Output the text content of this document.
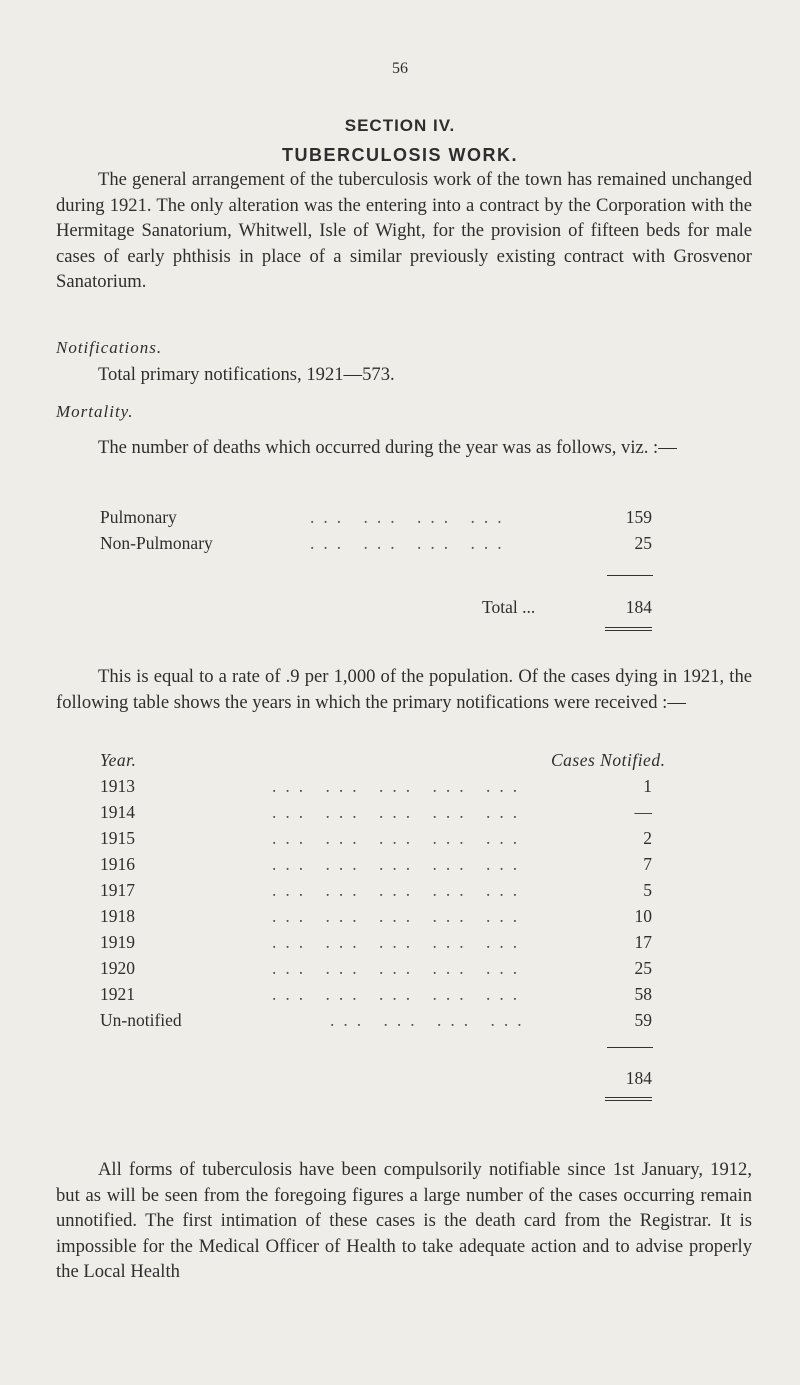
56
SECTION IV.
TUBERCULOSIS WORK.

The general arrangement of the tuberculosis work of the town has remained unchanged during 1921. The only alteration was the entering into a contract by the Corporation with the Hermitage Sanatorium, Whitwell, Isle of Wight, for the provision of fifteen beds for male cases of early phthisis in place of a similar previously existing contract with Grosvenor Sanatorium.

Notifications.

Total primary notifications, 1921—573.

Mortality.

The number of deaths which occurred during the year was as follows, viz. :—

Pulmonary	... ... ... ...	159
Non-Pulmonary	... ... ... ...	25
Total ...	184

This is equal to a rate of .9 per 1,000 of the population. Of the cases dying in 1921, the following table shows the years in which the primary notifications were received :—

Year.	Cases Notified.
1913	... ... ... ... ...	1
1914	... ... ... ... ...	—
1915	... ... ... ... ...	2
1916	... ... ... ... ...	7
1917	... ... ... ... ...	5
1918	... ... ... ... ...	10
1919	... ... ... ... ...	17
1920	... ... ... ... ...	25
1921	... ... ... ... ...	58
Un-notified	... ... ... ...	59
184

All forms of tuberculosis have been compulsorily notifiable since 1st January, 1912, but as will be seen from the foregoing figures a large number of the cases occurring remain unnotified. The first intimation of these cases is the death card from the Registrar. It is impossible for the Medical Officer of Health to take adequate action and to advise properly the Local Health
